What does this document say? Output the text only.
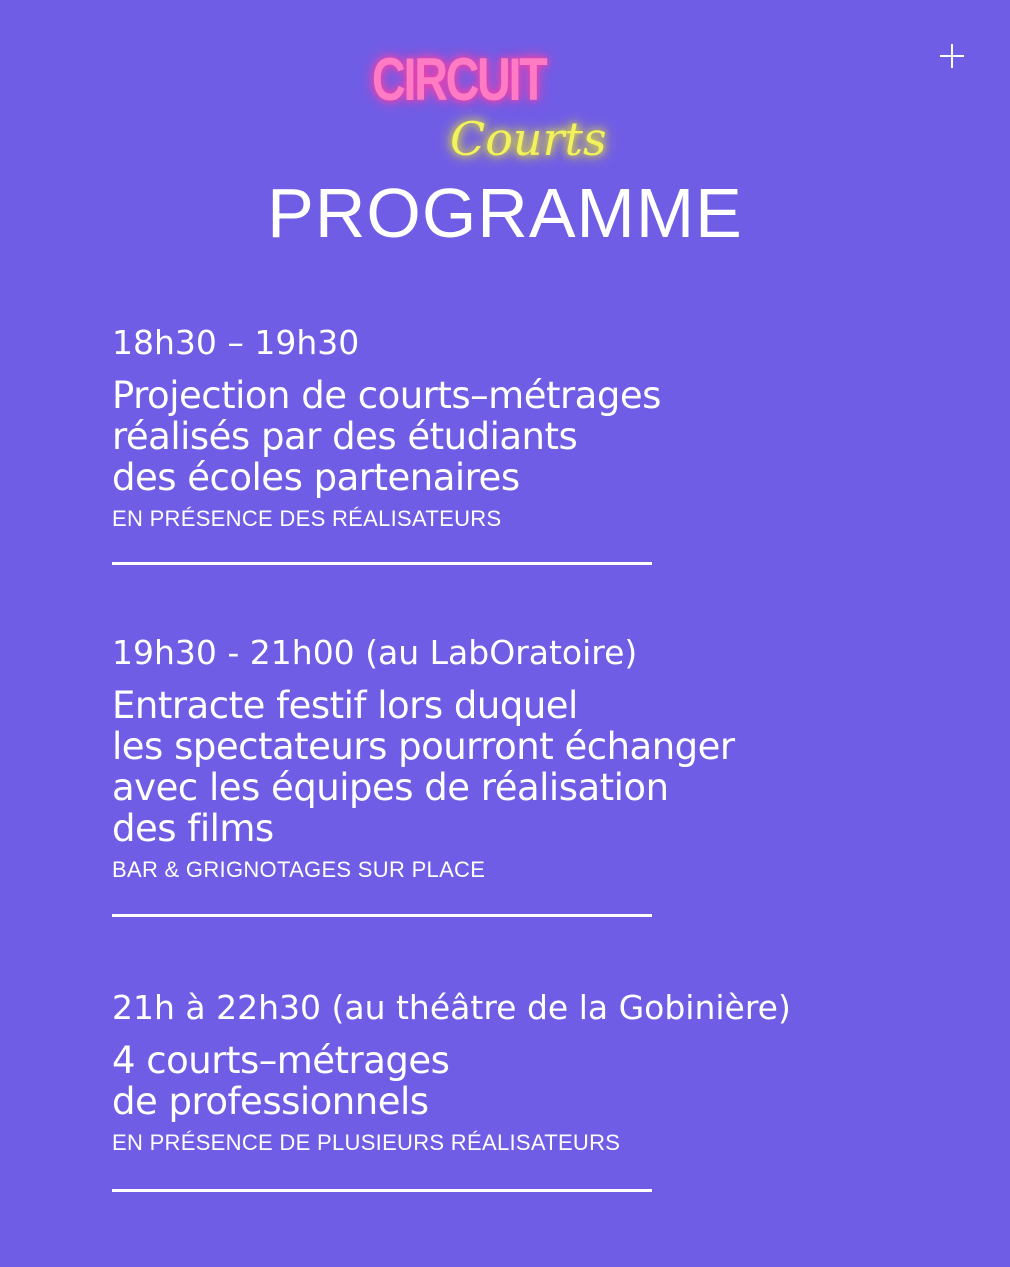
CIRCUIT
Courts
PROGRAMME
18h30 – 19h30
Projection de courts–métrages
réalisés par des étudiants
des écoles partenaires
EN PRÉSENCE DES RÉALISATEURS
19h30 - 21h00 (au LabOratoire)
Entracte festif lors duquel
les spectateurs pourront échanger
avec les équipes de réalisation
des films
BAR & GRIGNOTAGES SUR PLACE
21h à 22h30 (au théâtre de la Gobinière)
4 courts–métrages
de professionnels
EN PRÉSENCE DE PLUSIEURS RÉALISATEURS
